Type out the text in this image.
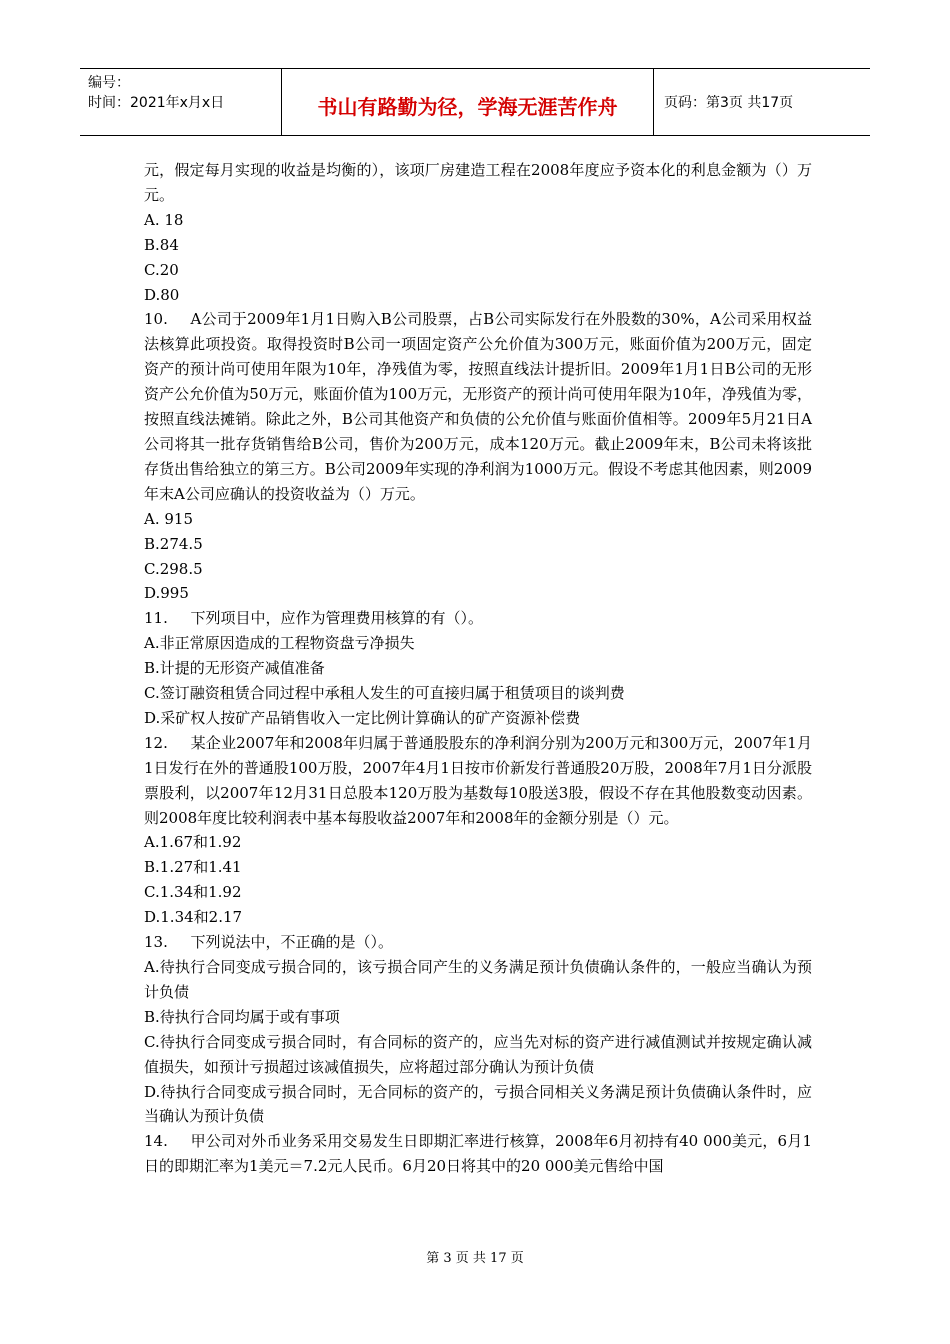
编号：
时间：2021年x月x日	书山有路勤为径，学海无涯苦作舟	页码：第3页 共17页

元，假定每月实现的收益是均衡的），该项厂房建造工程在2008年度应予资本化的利息金额为（）万元。

A. 18

B.84

C.20

D.80

10. A公司于2009年1月1日购入B公司股票，占B公司实际发行在外股数的30%，A公司采用权益法核算此项投资。取得投资时B公司一项固定资产公允价值为300万元，账面价值为200万元，固定资产的预计尚可使用年限为10年，净残值为零，按照直线法计提折旧。2009年1月1日B公司的无形资产公允价值为50万元，账面价值为100万元，无形资产的预计尚可使用年限为10年，净残值为零，按照直线法摊销。除此之外，B公司其他资产和负债的公允价值与账面价值相等。2009年5月21日A公司将其一批存货销售给B公司，售价为200万元，成本120万元。截止2009年末，B公司未将该批存货出售给独立的第三方。B公司2009年实现的净利润为1000万元。假设不考虑其他因素，则2009年末A公司应确认的投资收益为（）万元。

A. 915

B.274.5

C.298.5

D.995

11. 下列项目中，应作为管理费用核算的有（）。

A.非正常原因造成的工程物资盘亏净损失

B.计提的无形资产减值准备

C.签订融资租赁合同过程中承租人发生的可直接归属于租赁项目的谈判费

D.采矿权人按矿产品销售收入一定比例计算确认的矿产资源补偿费

12. 某企业2007年和2008年归属于普通股股东的净利润分别为200万元和300万元，2007年1月1日发行在外的普通股100万股，2007年4月1日按市价新发行普通股20万股，2008年7月1日分派股票股利，以2007年12月31日总股本120万股为基数每10股送3股，假设不存在其他股数变动因素。则2008年度比较利润表中基本每股收益2007年和2008年的金额分别是（）元。

A.1.67和1.92

B.1.27和1.41

C.1.34和1.92

D.1.34和2.17

13. 下列说法中，不正确的是（）。

A.待执行合同变成亏损合同的，该亏损合同产生的义务满足预计负债确认条件的，一般应当确认为预计负债

B.待执行合同均属于或有事项

C.待执行合同变成亏损合同时，有合同标的资产的，应当先对标的资产进行减值测试并按规定确认减值损失，如预计亏损超过该减值损失，应将超过部分确认为预计负债

D.待执行合同变成亏损合同时，无合同标的资产的，亏损合同相关义务满足预计负债确认条件时，应当确认为预计负债

14. 甲公司对外币业务采用交易发生日即期汇率进行核算，2008年6月初持有40 000美元，6月1日的即期汇率为1美元＝7.2元人民币。6月20日将其中的20 000美元售给中国

第 3 页 共 17 页
